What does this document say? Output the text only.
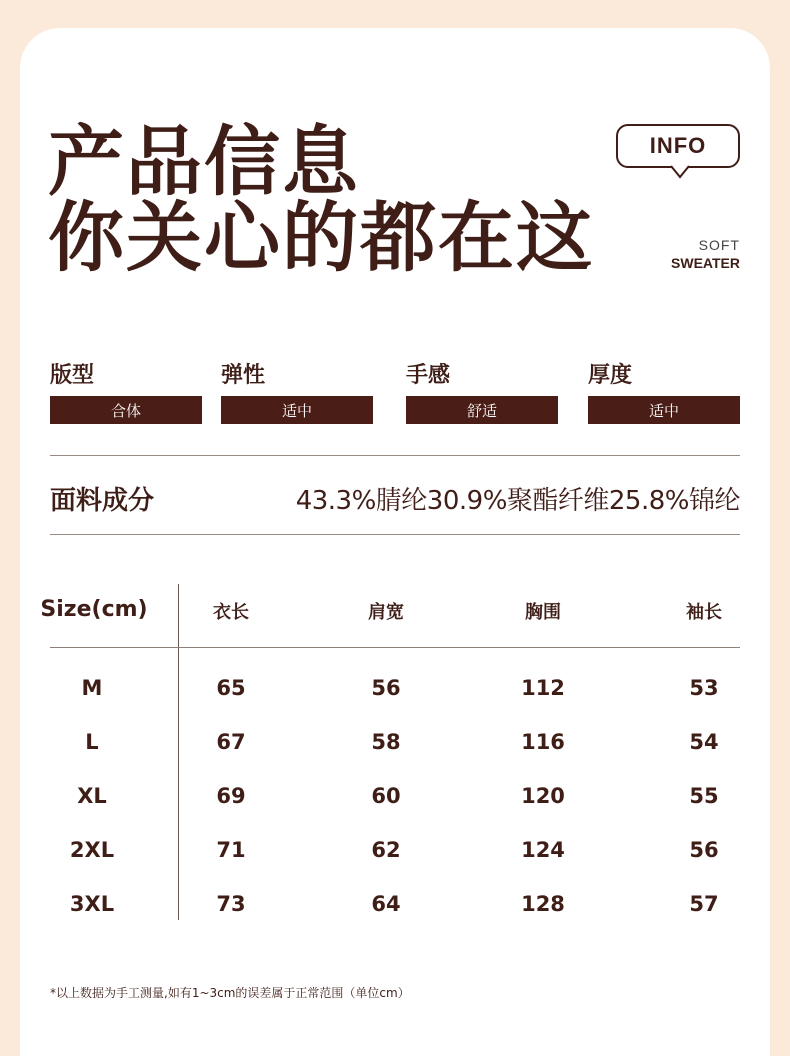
产品信息
你关心的都在这
INFO
SOFT
SWEATER
版型
合体
弹性
适中
手感
舒适
厚度
适中
面料成分	43.3%腈纶30.9%聚酯纤维25.8%锦纶
Size(cm)	衣长	肩宽	胸围	袖长
M	65	56	112	53
L	67	58	116	54
XL	69	60	120	55
2XL	71	62	124	56
3XL	73	64	128	57
*以上数据为手工测量,如有1~3cm的误差属于正常范围（单位cm）
